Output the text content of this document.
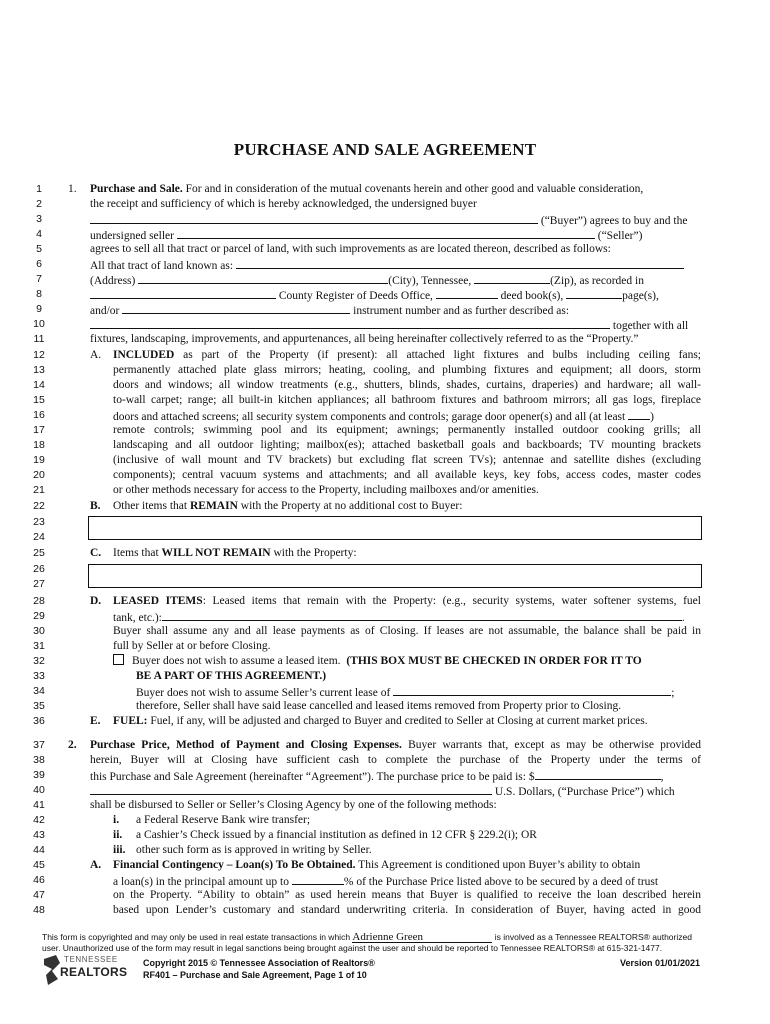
PURCHASE AND SALE AGREEMENT
1
2
3
4
5
6
7
8
9
10
11
12
13
14
15
16
17
18
19
20
21
22
23
24
25
26
27
28
29
30
31
32
33
34
35
36
37
38
39
40
41
42
43
44
45
46
47
48
1. Purchase and Sale. For and in consideration of the mutual covenants herein and other good and valuable consideration,
the receipt and sufficiency of which is hereby acknowledged, the undersigned buyer
(“Buyer”) agrees to buy and the
undersigned seller	(“Seller”)
agrees to sell all that tract or parcel of land, with such improvements as are located thereon, described as follows:
All that tract of land known as:
(Address)	(City), Tennessee,	(Zip), as recorded in
County Register of Deeds Office,	deed book(s),	page(s),
and/or	instrument number and as further described as:
together with all
fixtures, landscaping, improvements, and appurtenances, all being hereinafter collectively referred to as the “Property.”
A. INCLUDED as part of the Property (if present): all attached light fixtures and bulbs including ceiling fans;
permanently attached plate glass mirrors; heating, cooling, and plumbing fixtures and equipment; all doors, storm
doors and windows; all window treatments (e.g., shutters, blinds, shades, curtains, draperies) and hardware; all wall-
to-wall carpet; range; all built-in kitchen appliances; all bathroom fixtures and bathroom mirrors; all gas logs, fireplace
doors and attached screens; all security system components and controls; garage door opener(s) and all (at least )
remote controls; swimming pool and its equipment; awnings; permanently installed outdoor cooking grills; all
landscaping and all outdoor lighting; mailbox(es); attached basketball goals and backboards; TV mounting brackets
(inclusive of wall mount and TV brackets) but excluding flat screen TVs); antennae and satellite dishes (excluding
components); central vacuum systems and attachments; and all available keys, key fobs, access codes, master codes
or other methods necessary for access to the Property, including mailboxes and/or amenities.
B. Other items that REMAIN with the Property at no additional cost to Buyer:
C. Items that WILL NOT REMAIN with the Property:
D. LEASED ITEMS: Leased items that remain with the Property: (e.g., security systems, water softener systems, fuel
tank, etc.):	.
Buyer shall assume any and all lease payments as of Closing. If leases are not assumable, the balance shall be paid in
full by Seller at or before Closing.
Buyer does not wish to assume a leased item. (THIS BOX MUST BE CHECKED IN ORDER FOR IT TO
BE A PART OF THIS AGREEMENT.)
Buyer does not wish to assume Seller’s current lease of	;
therefore, Seller shall have said lease cancelled and leased items removed from Property prior to Closing.
E. FUEL: Fuel, if any, will be adjusted and charged to Buyer and credited to Seller at Closing at current market prices.
2. Purchase Price, Method of Payment and Closing Expenses. Buyer warrants that, except as may be otherwise provided
herein, Buyer will at Closing have sufficient cash to complete the purchase of the Property under the terms of
this Purchase and Sale Agreement (hereinafter “Agreement”). The purchase price to be paid is: $	,
U.S. Dollars, (“Purchase Price”) which
shall be disbursed to Seller or Seller’s Closing Agency by one of the following methods:
i. a Federal Reserve Bank wire transfer;
ii. a Cashier’s Check issued by a financial institution as defined in 12 CFR § 229.2(i); OR
iii. other such form as is approved in writing by Seller.
A. Financial Contingency – Loan(s) To Be Obtained. This Agreement is conditioned upon Buyer’s ability to obtain
a loan(s) in the principal amount up to	% of the Purchase Price listed above to be secured by a deed of trust
on the Property. “Ability to obtain” as used herein means that Buyer is qualified to receive the loan described herein
based upon Lender’s customary and standard underwriting criteria. In consideration of Buyer, having acted in good
This form is copyrighted and may only be used in real estate transactions in which Adrienne Green	is involved as a Tennessee REALTORS® authorized
user. Unauthorized use of the form may result in legal sanctions being brought against the user and should be reported to Tennessee REALTORS® at 615-321-1477.
TENNESSEE
REALTORS
Copyright 2015 © Tennessee Association of Realtors®
RF401 – Purchase and Sale Agreement, Page 1 of 10
Version 01/01/2021
